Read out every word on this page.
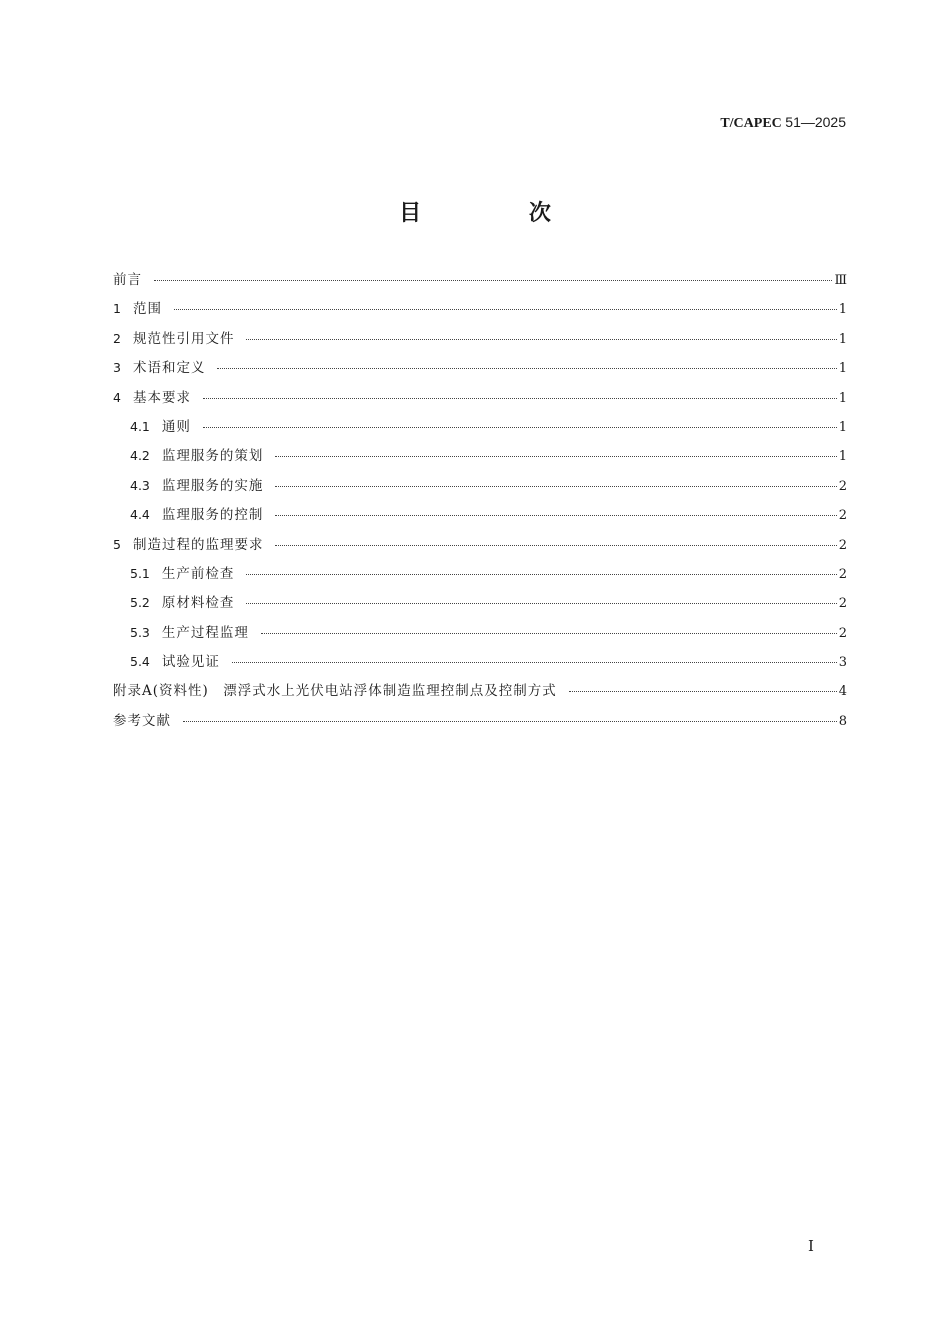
T/CAPEC 51—2025
目 次
前言	Ⅲ
1 范围	1
2 规范性引用文件	1
3 术语和定义	1
4 基本要求	1
4.1 通则	1
4.2 监理服务的策划	1
4.3 监理服务的实施	2
4.4 监理服务的控制	2
5 制造过程的监理要求	2
5.1 生产前检查	2
5.2 原材料检查	2
5.3 生产过程监理	2
5.4 试验见证	3
附录A(资料性)　漂浮式水上光伏电站浮体制造监理控制点及控制方式	4
参考文献	8
Ⅰ
